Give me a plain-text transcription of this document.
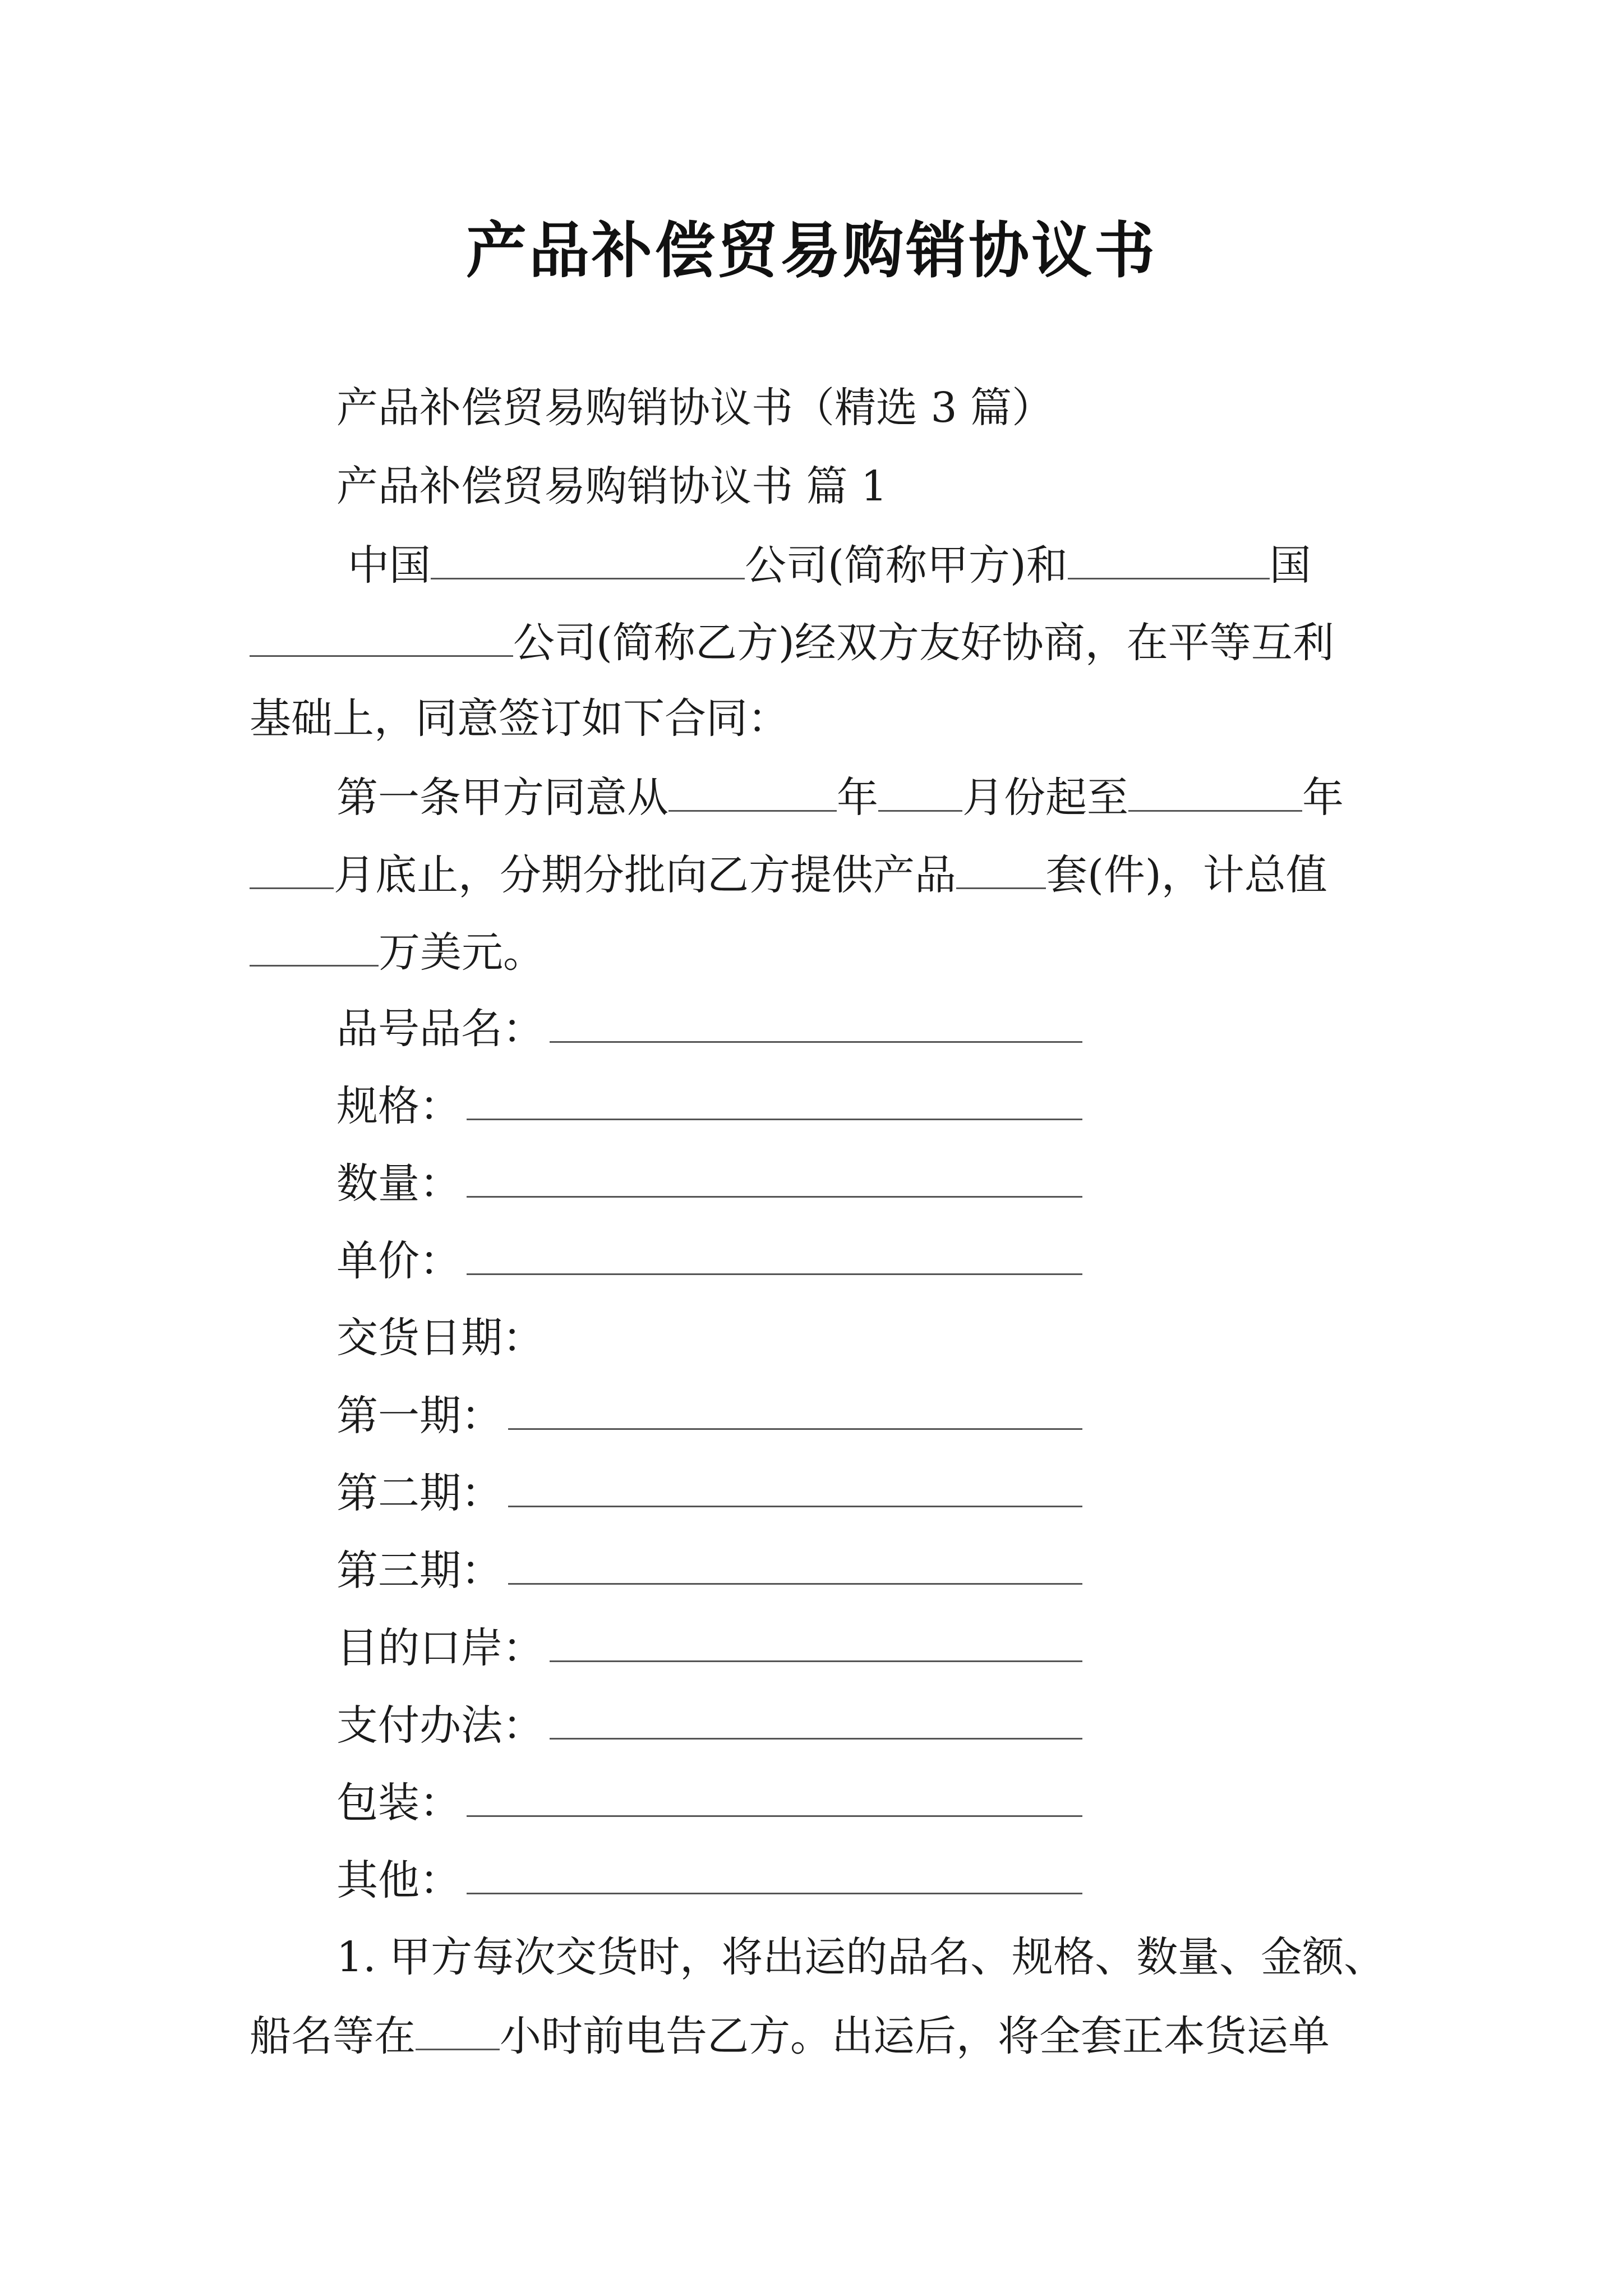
产品补偿贸易购销协议书
产品补偿贸易购销协议书（精选 3 篇）
产品补偿贸易购销协议书 篇 1
中国	公司(简称甲方)和	国
公司(简称乙方)经双方友好协商，在平等互利
基础上，同意签订如下合同：
第一条甲方同意从	年 月份起至	年
月底止，分期分批向乙方提供产品 套(件)，计总值
万美元。
品号品名：
规格：
数量：
单价：
交货日期：
第一期：
第二期：
第三期：
目的口岸：
支付办法：
包装：
其他：
1. 甲方每次交货时，将出运的品名、规格、数量、金额、
船名等在 小时前电告乙方。出运后，将全套正本货运单
